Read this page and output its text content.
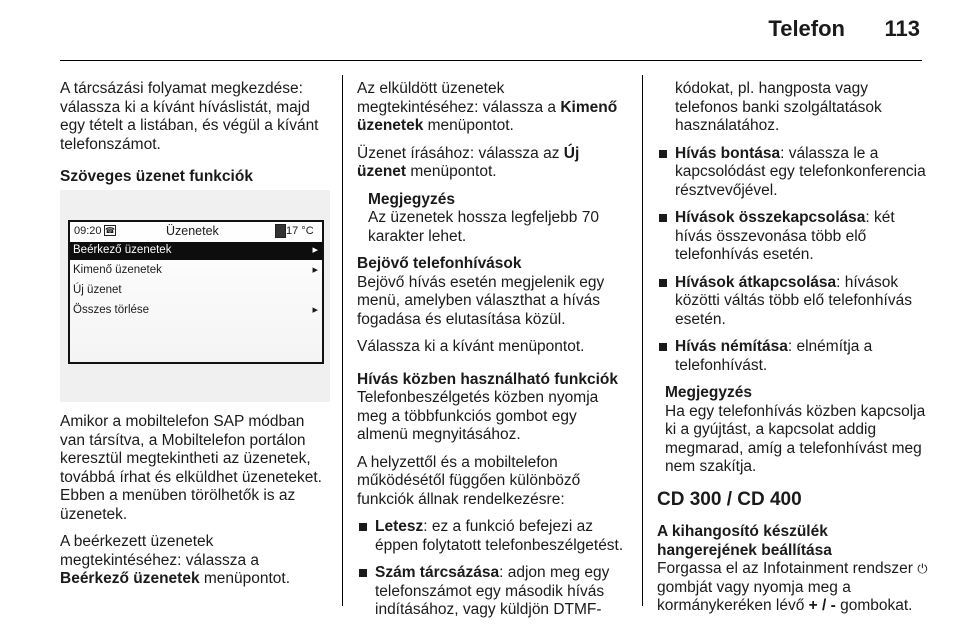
Telefon 113

A tárcsázási folyamat megkezdése: válassza ki a kívánt híváslistát, majd egy tételt a listában, és végül a kívánt telefonszámot.

Szöveges üzenet funkciók

09:20 ☎	Üzenetek	17 °C
Beérkező üzenetek	▸
Kimenő üzenetek	▸
Új üzenet
Összes törlése	▸

Amikor a mobiltelefon SAP módban van társítva, a Mobiltelefon portálon keresztül megtekintheti az üzenetek, továbbá írhat és elküldhet üzeneteket. Ebben a menüben törölhetők is az üzenetek.

A beérkezett üzenetek megtekintéséhez: válassza a Beérkező üzenetek menüpontot.

Az elküldött üzenetek megtekintéséhez: válassza a Kimenő üzenetek menüpontot.

Üzenet írásához: válassza az Új üzenet menüpontot.

Megjegyzés
Az üzenetek hossza legfeljebb 70 karakter lehet.

Bejövő telefonhívások

Bejövő hívás esetén megjelenik egy menü, amelyben választhat a hívás fogadása és elutasítása közül.

Válassza ki a kívánt menüpontot.

Hívás közben használható funkciók

Telefonbeszélgetés közben nyomja meg a többfunkciós gombot egy almenü megnyitásához.

A helyzettől és a mobiltelefon működésétől függően különböző funkciók állnak rendelkezésre:

Letesz: ez a funkció befejezi az éppen folytatott telefonbeszélgetést.
Szám tárcsázása: adjon meg egy telefonszámot egy második hívás indításához, vagy küldjön DTMF-

kódokat, pl. hangposta vagy telefonos banki szolgáltatások használatához.

Hívás bontása: válassza le a kapcsolódást egy telefonkonferencia résztvevőjével.
Hívások összekapcsolása: két hívás összevonása több elő telefonhívás esetén.
Hívások átkapcsolása: hívások közötti váltás több elő telefonhívás esetén.
Hívás némítása: elnémítja a telefonhívást.
Megjegyzés
Ha egy telefonhívás közben kapcsolja ki a gyújtást, a kapcsolat addig megmarad, amíg a telefonhívást meg nem szakítja.
CD 300 / CD 400

A kihangosító készülék hangerejének beállítása

Forgassa el az Infotainment rendszer ⏻ gombját vagy nyomja meg a kormánykeréken lévő + / - gombokat.
